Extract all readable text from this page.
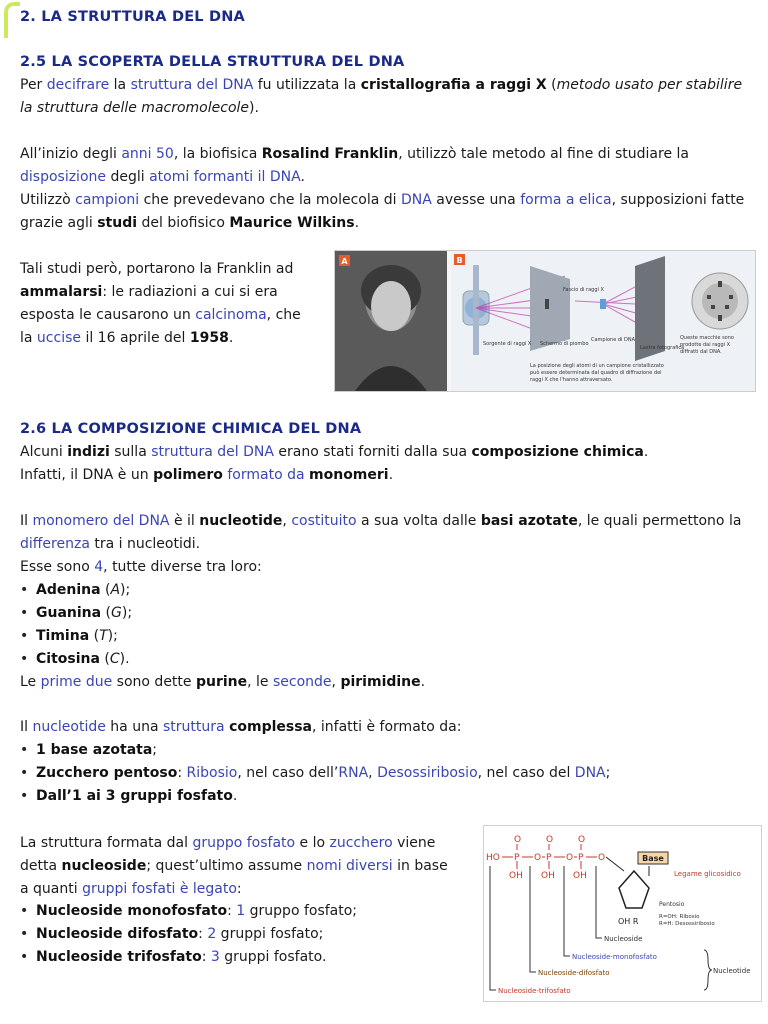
2. LA STRUTTURA DEL DNA
2.5 LA SCOPERTA DELLA STRUTTURA DEL DNA

Per decifrare la struttura del DNA fu utilizzata la cristallografia a raggi X (metodo usato per stabilire la struttura delle macromolecole).

All’inizio degli anni 50, la biofisica Rosalind Franklin, utilizzò tale metodo al fine di studiare la disposizione degli atomi formanti il DNA.

Utilizzò campioni che prevedevano che la molecola di DNA avesse una forma a elica, supposizioni fatte grazie agli studi del biofisico Maurice Wilkins.

Tali studi però, portarono la Franklin ad ammalarsi: le radiazioni a cui si era esposta le causarono un calcinoma, che la uccise il 16 aprile del 1958.

A	B
Sorgente di raggi X Schermo di piombo
Fascio di raggi X
Campione di DNA
Lastra fotografica
La posizione degli atomi di un campione cristallizzato può essere determinata dal quadro di diffrazione dei raggi X che l'hanno attraversato.
Queste macchie sono prodotte dai raggi X diffratti dal DNA.
2.6 LA COMPOSIZIONE CHIMICA DEL DNA

Alcuni indizi sulla struttura del DNA erano stati forniti dalla sua composizione chimica.

Infatti, il DNA è un polimero formato da monomeri.

Il monomero del DNA è il nucleotide, costituito a sua volta dalle basi azotate, le quali permettono la differenza tra i nucleotidi.

Esse sono 4, tutte diverse tra loro:

• Adenina (A);
• Guanina (G);
• Timina (T);
• Citosina (C).

Le prime due sono dette purine, le seconde, pirimidine.

Il nucleotide ha una struttura complessa, infatti è formato da:

• 1 base azotata;
• Zucchero pentoso: Ribosio, nel caso dell’RNA, Desossiribosio, nel caso del DNA;
• Dall’1 ai 3 gruppi fosfato.

La struttura formata dal gruppo fosfato e lo zucchero viene detta nucleoside; quest’ultimo assume nomi diversi in base a quanti gruppi fosfati è legato:

• Nucleoside monofosfato: 1 gruppo fosfato;
• Nucleoside difosfato: 2 gruppi fosfato;
• Nucleoside trifosfato: 3 gruppi fosfato.
HO P O P O P O
O	O	O
OH OH OH
Base
Legame glicosidico
Pentosio
R=OH: Ribosio
R=H: Desossiribosio
OH R
Nucleoside
Nucleoside-monofosfato
Nucleoside-difosfato
Nucleoside-trifosfato
Nucleotide
